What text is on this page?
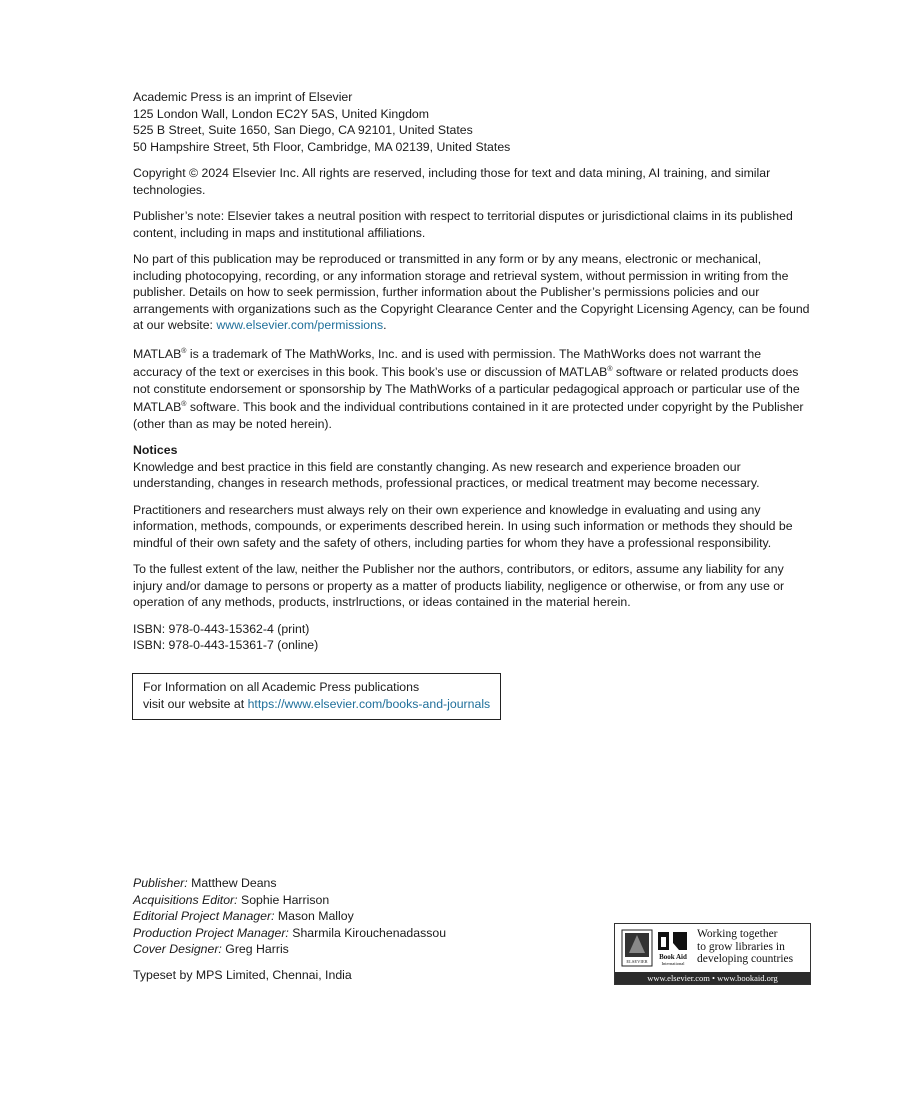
Academic Press is an imprint of Elsevier

125 London Wall, London EC2Y 5AS, United Kingdom

525 B Street, Suite 1650, San Diego, CA 92101, United States

50 Hampshire Street, 5th Floor, Cambridge, MA 02139, United States

Copyright © 2024 Elsevier Inc. All rights are reserved, including those for text and data mining, AI training, and similar technologies.

Publisher’s note: Elsevier takes a neutral position with respect to territorial disputes or jurisdictional claims in its published content, including in maps and institutional affiliations.

No part of this publication may be reproduced or transmitted in any form or by any means, electronic or mechanical, including photocopying, recording, or any information storage and retrieval system, without permission in writing from the publisher. Details on how to seek permission, further information about the Publisher’s permissions policies and our arrangements with organizations such as the Copyright Clearance Center and the Copyright Licensing Agency, can be found at our website: www.elsevier.com/permissions.

MATLAB® is a trademark of The MathWorks, Inc. and is used with permission. The MathWorks does not warrant the accuracy of the text or exercises in this book. This book’s use or discussion of MATLAB® software or related products does not constitute endorsement or sponsorship by The MathWorks of a particular pedagogical approach or particular use of the MATLAB® software. This book and the individual contributions contained in it are protected under copyright by the Publisher (other than as may be noted herein).

Notices

Knowledge and best practice in this field are constantly changing. As new research and experience broaden our understanding, changes in research methods, professional practices, or medical treatment may become necessary.

Practitioners and researchers must always rely on their own experience and knowledge in evaluating and using any information, methods, compounds, or experiments described herein. In using such information or methods they should be mindful of their own safety and the safety of others, including parties for whom they have a professional responsibility.

To the fullest extent of the law, neither the Publisher nor the authors, contributors, or editors, assume any liability for any injury and/or damage to persons or property as a matter of products liability, negligence or otherwise, or from any use or operation of any methods, products, instrlructions, or ideas contained in the material herein.

ISBN: 978-0-443-15362-4 (print)

ISBN: 978-0-443-15361-7 (online)

For Information on all Academic Press publications
visit our website at https://www.elsevier.com/books-and-journals
Publisher: Matthew Deans
Acquisitions Editor: Sophie Harrison
Editorial Project Manager: Mason Malloy
Production Project Manager: Sharmila Kirouchenadassou
Cover Designer: Greg Harris
Typeset by MPS Limited, Chennai, India
ELSEVIER
Book Aid
International
Working together
to grow libraries in
developing countries
www.elsevier.com • www.bookaid.org
